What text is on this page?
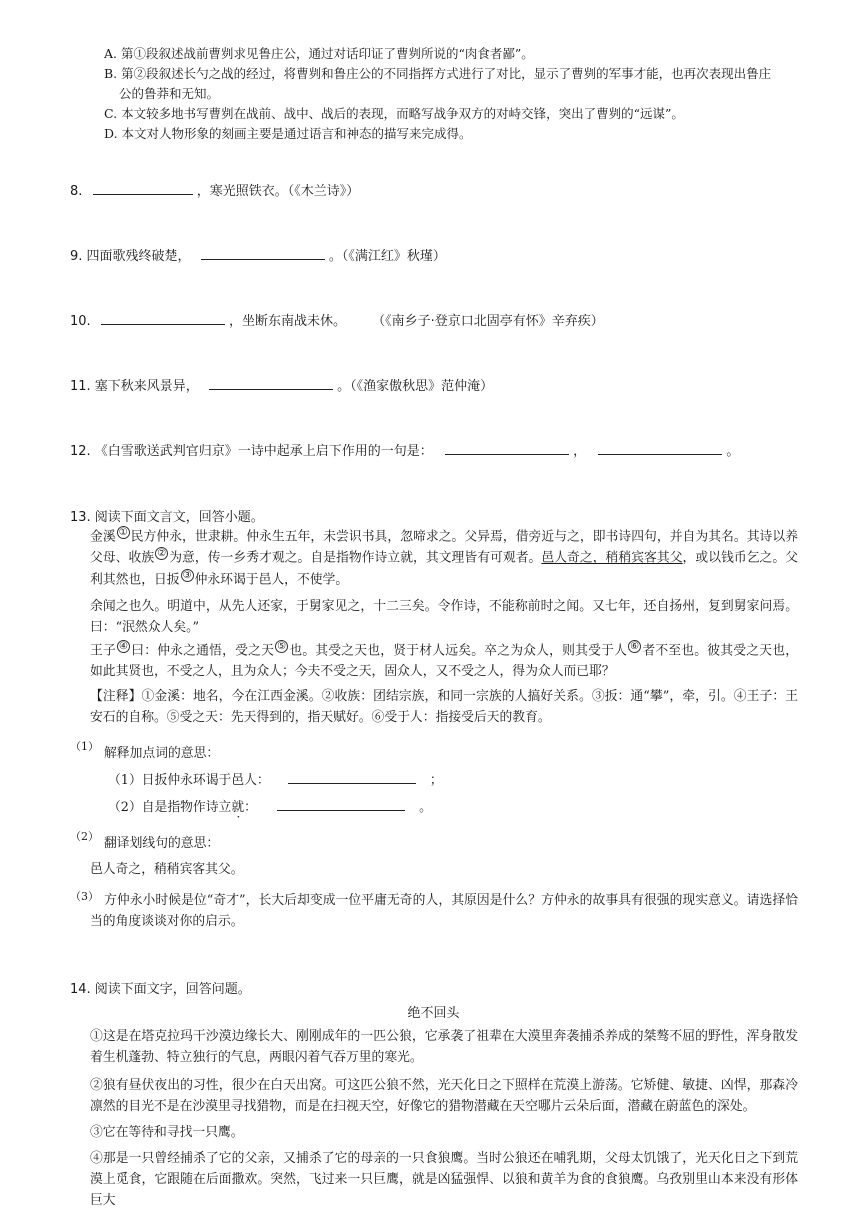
A. 第①段叙述战前曹刿求见鲁庄公，通过对话印证了曹刿所说的“肉食者鄙”。
B. 第②段叙述长勺之战的经过，将曹刿和鲁庄公的不同指挥方式进行了对比，显示了曹刿的军事才能，也再次表现出鲁庄
公的鲁莽和无知。
C. 本文较多地书写曹刿在战前、战中、战后的表现，而略写战争双方的对峙交锋，突出了曹刿的“远谋”。
D. 本文对人物形象的刻画主要是通过语言和神态的描写来完成得。
8.	，寒光照铁衣。（《木兰诗》）
9. 四面歌残终破楚，	。（《满江红》秋瑾）
10.	，坐断东南战未休。 （《南乡子·登京口北固亭有怀》辛弃疾）
11. 塞下秋来风景异，	。（《渔家傲秋思》范仲淹）
12. 《白雪歌送武判官归京》一诗中起承上启下作用的一句是：	，	。
13. 阅读下面文言文，回答小题。
金溪 ① 民方仲永，世隶耕。仲永生五年，未尝识书具，忽啼求之。父异焉，借旁近与之，即书诗四句，并自为其名。其诗以养父母、收族 ② 为意，传一乡秀才观之。自是指物作诗立就，其文理皆有可观者。邑人奇之，稍稍宾客其父，或以钱币乞之。父利其然也，日扳 ③ 仲永环谒于邑人，不使学。
余闻之也久。明道中，从先人还家，于舅家见之，十二三矣。令作诗，不能称前时之闻。又七年，还自扬州，复到舅家问焉。曰：“泯然众人矣。”
王子 ④ 曰：仲永之通悟，受之天 ⑤ 也。其受之天也，贤于材人远矣。卒之为众人，则其受于人 ⑥ 者不至也。彼其受之天也，如此其贤也，不受之人，且为众人；今夫不受之天，固众人，又不受之人，得为众人而已耶？
【注释】①金溪：地名，今在江西金溪。②收族：团结宗族，和同一宗族的人搞好关系。③扳：通“攀”，牵，引。④王子：王安石的自称。⑤受之天：先天得到的，指天赋好。⑥受于人：指接受后天的教育。
（1） 解释加点词的意思：
（1）日扳仲永环谒于邑人：	；
（2）自是指物作诗立就：	。
（2） 翻译划线句的意思：
邑人奇之，稍稍宾客其父。
（3） 方仲永小时候是位“奇才”，长大后却变成一位平庸无奇的人，其原因是什么？方仲永的故事具有很强的现实意义。请选择恰当的角度谈谈对你的启示。
14. 阅读下面文字，回答问题。
绝不回头
①这是在塔克拉玛干沙漠边缘长大、刚刚成年的一匹公狼，它承袭了祖辈在大漠里奔袭捕杀养成的桀骜不屈的野性，浑身散发着生机蓬勃、特立独行的气息，两眼闪着气吞万里的寒光。
②狼有昼伏夜出的习性，很少在白天出窝。可这匹公狼不然，光天化日之下照样在荒漠上游荡。它矫健、敏捷、凶悍，那森冷凛然的目光不是在沙漠里寻找猎物，而是在扫视天空，好像它的猎物潜藏在天空哪片云朵后面，潜藏在蔚蓝色的深处。
③它在等待和寻找一只鹰。
④那是一只曾经捕杀了它的父亲，又捕杀了它的母亲的一只食狼鹰。当时公狼还在哺乳期，父母太饥饿了，光天化日之下到荒漠上觅食，它跟随在后面撒欢。突然，飞过来一只巨鹰，就是凶猛强悍、以狼和黄羊为食的食狼鹰。乌孜别里山本来没有形体巨大
